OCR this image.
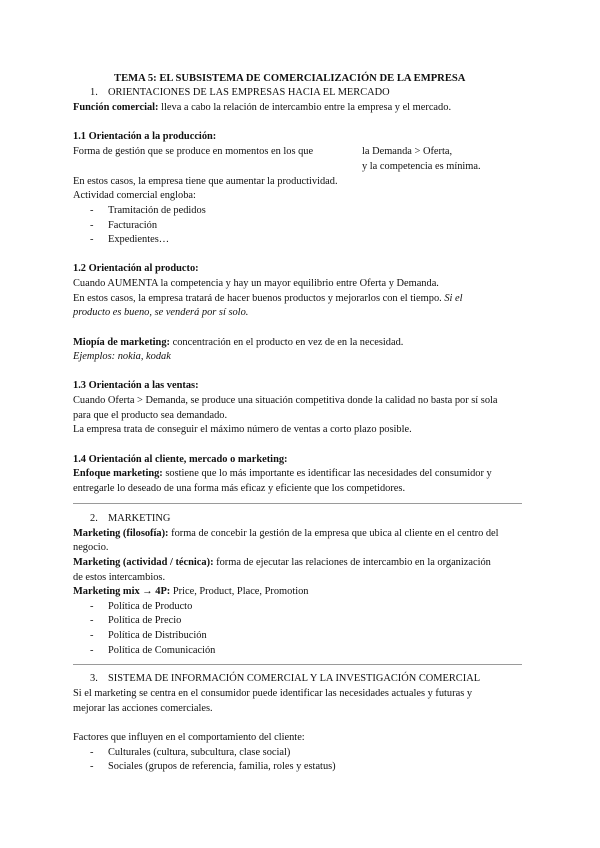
TEMA 5: EL SUBSISTEMA DE COMERCIALIZACIÓN DE LA EMPRESA
1. ORIENTACIONES DE LAS EMPRESAS HACIA EL MERCADO
Función comercial: lleva a cabo la relación de intercambio entre la empresa y el mercado.
1.1 Orientación a la producción:
Forma de gestión que se produce en momentos en los que	la Demanda > Oferta,
y la competencia es mínima.
En estos casos, la empresa tiene que aumentar la productividad.
Actividad comercial engloba:
- Tramitación de pedidos
- Facturación
- Expedientes…
1.2 Orientación al producto:
Cuando AUMENTA la competencia y hay un mayor equilibrio entre Oferta y Demanda.
En estos casos, la empresa tratará de hacer buenos productos y mejorarlos con el tiempo. Si el
producto es bueno, se venderá por sí solo.
Miopía de marketing: concentración en el producto en vez de en la necesidad.
Ejemplos: nokia, kodak
1.3 Orientación a las ventas:
Cuando Oferta > Demanda, se produce una situación competitiva donde la calidad no basta por sí sola
para que el producto sea demandado.
La empresa trata de conseguir el máximo número de ventas a corto plazo posible.
1.4 Orientación al cliente, mercado o marketing:
Enfoque marketing: sostiene que lo más importante es identificar las necesidades del consumidor y
entregarle lo deseado de una forma más eficaz y eficiente que los competidores.
2. MARKETING
Marketing (filosofía): forma de concebir la gestión de la empresa que ubica al cliente en el centro del
negocio.
Marketing (actividad / técnica): forma de ejecutar las relaciones de intercambio en la organización
de estos intercambios.
Marketing mix → 4P: Price, Product, Place, Promotion
- Política de Producto
- Política de Precio
- Política de Distribución
- Política de Comunicación
3. SISTEMA DE INFORMACIÓN COMERCIAL Y LA INVESTIGACIÓN COMERCIAL
Si el marketing se centra en el consumidor puede identificar las necesidades actuales y futuras y
mejorar las acciones comerciales.
Factores que influyen en el comportamiento del cliente:
- Culturales (cultura, subcultura, clase social)
- Sociales (grupos de referencia, familia, roles y estatus)
